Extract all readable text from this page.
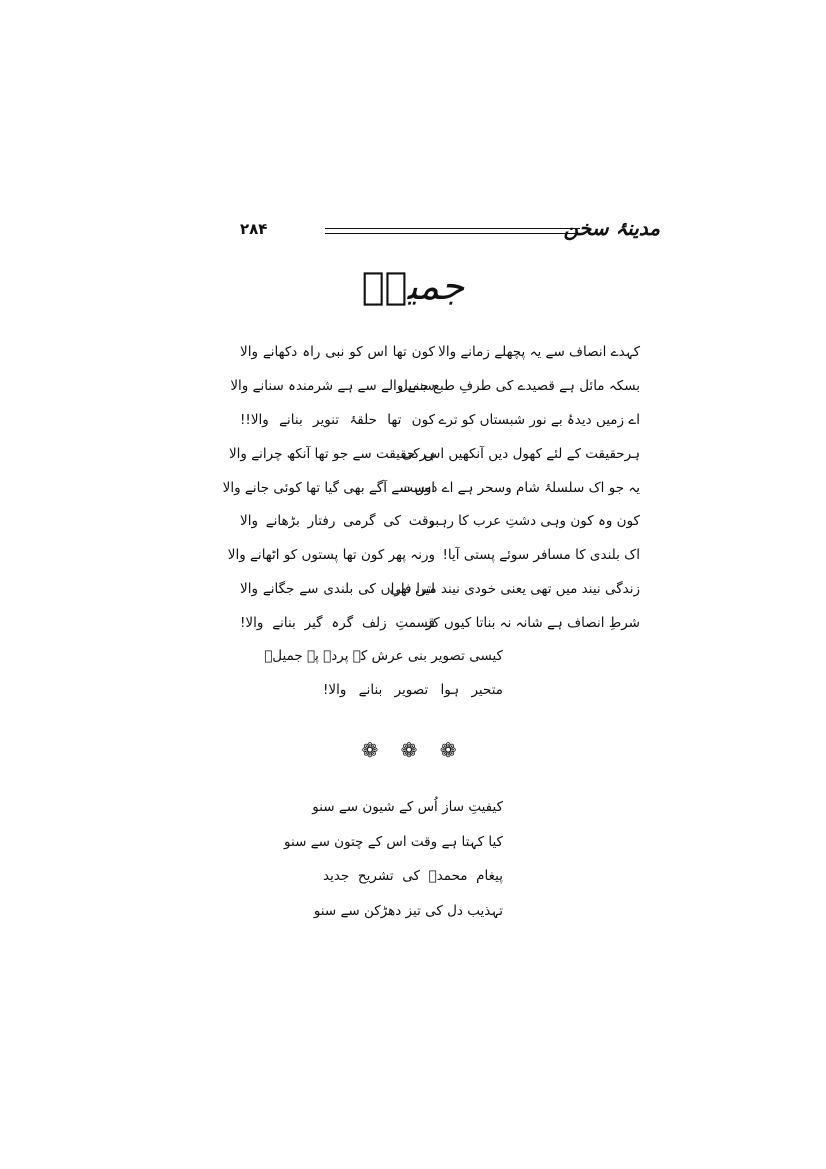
۲۸۴	مدینۂ سخن
جمیلؔ
کہدے انصاف سے یہ پچھلے زمانے والا
کون تھا اس کو نبی راہ دکھانے والا
بسکہ مائل ہے قصیدے کی طرفِ طبع جمیل
سننے والے سے ہے شرمندہ سنانے والا
اے زمیں دیدۂ بے نور شبستاں کو ترے
کون تھا حلقۂ تنویر بنانے والا!!
ہرحقیقت کے لئے کھول دیں آنکھیں اس کی
ہر حقیقت سے جو تھا آنکھ چرانے والا
یہ جو اک سلسلۂ شام وسحر ہے اے دوست
اس سے آگے بھی گیا تھا کوئی جانے والا
کون وہ کون وہی دشتِ عرب کا رہبر
وقت کی گرمی رفتار بڑھانے والا
اک بلندی کا مسافر سوئے پستی آیا!
ورنہ پھر کون تھا پستوں کو اٹھانے والا
زندگی نیند میں تھی یعنی خودی نیند میں تھی
اترا فاراں کی بلندی سے جگانے والا
شرطِ انصاف ہے شانہ نہ بناتا کیوں کر
قسمتِ زلف گرہ گیر بنانے والا!
کیسی تصویر بنی عرش کے پردے پہ جمیلؔ
متحیر ہوا تصویر بنانے والا!
❁ ❁ ❁
کیفیتِ ساز اُس کے شیون سے سنو
کیا کہتا ہے وقت اس کے چتون سے سنو
پیغام محمدؐ کی تشریح جدید
تہذیب دل کی تیز دھڑکن سے سنو
